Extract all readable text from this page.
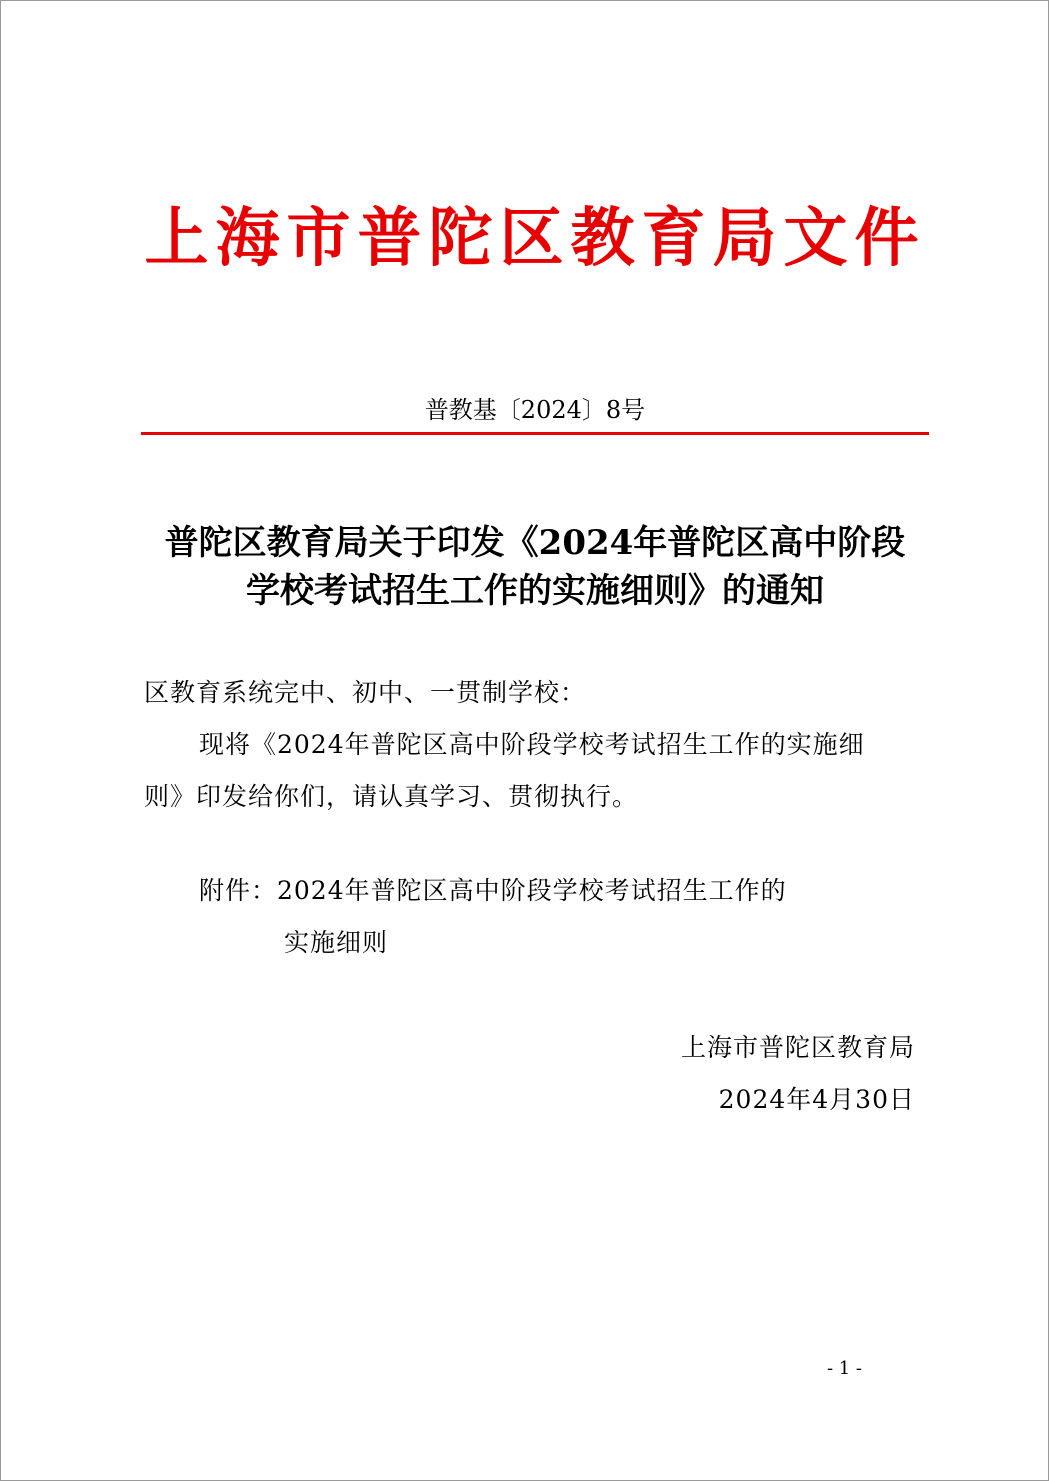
上海市普陀区教育局文件
普教基〔2024〕8号
普陀区教育局关于印发《2024年普陀区高中阶段
学校考试招生工作的实施细则》的通知
区教育系统完中、初中、一贯制学校：
现将《2024年普陀区高中阶段学校考试招生工作的实施细
则》印发给你们，请认真学习、贯彻执行。
附件：2024年普陀区高中阶段学校考试招生工作的
实施细则
上海市普陀区教育局
2024年4月30日
- 1 -
